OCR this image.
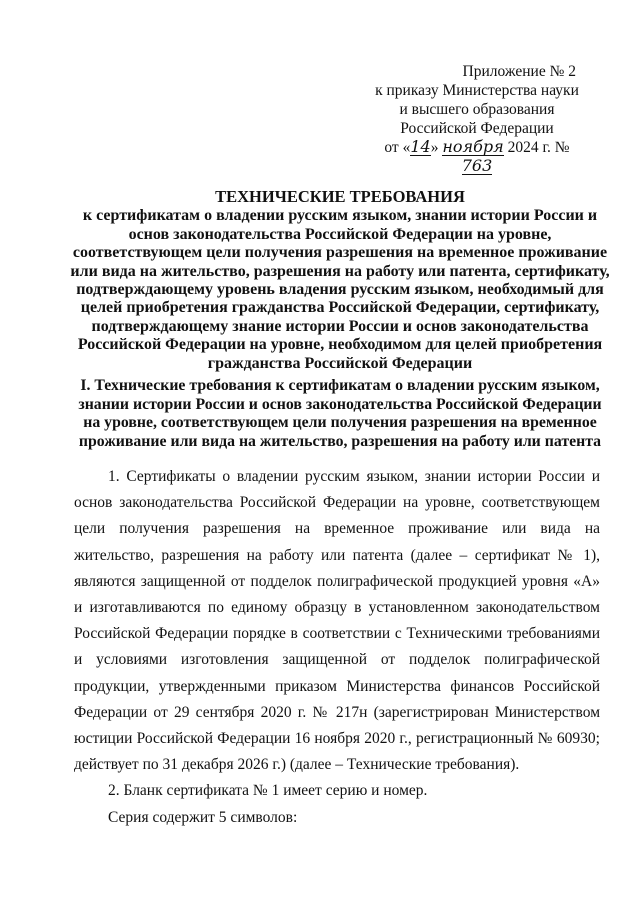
Приложение № 2
к приказу Министерства науки
и высшего образования
Российской Федерации
от «14» ноября 2024 г. № 763
ТЕХНИЧЕСКИЕ ТРЕБОВАНИЯ
к сертификатам о владении русским языком, знании истории России и основ законодательства Российской Федерации на уровне, соответствующем цели получения разрешения на временное проживание или вида на жительство, разрешения на работу или патента, сертификату, подтверждающему уровень владения русским языком, необходимый для целей приобретения гражданства Российской Федерации, сертификату, подтверждающему знание истории России и основ законодательства Российской Федерации на уровне, необходимом для целей приобретения гражданства Российской Федерации
I. Технические требования к сертификатам о владении русским языком, знании истории России и основ законодательства Российской Федерации на уровне, соответствующем цели получения разрешения на временное проживание или вида на жительство, разрешения на работу или патента

1. Сертификаты о владении русским языком, знании истории России и основ законодательства Российской Федерации на уровне, соответствующем цели получения разрешения на временное проживание или вида на жительство, разрешения на работу или патента (далее – сертификат № 1), являются защищенной от подделок полиграфической продукцией уровня «А» и изготавливаются по единому образцу в установленном законодательством Российской Федерации порядке в соответствии с Техническими требованиями и условиями изготовления защищенной от подделок полиграфической продукции, утвержденными приказом Министерства финансов Российской Федерации от 29 сентября 2020 г. № 217н (зарегистрирован Министерством юстиции Российской Федерации 16 ноября 2020 г., регистрационный № 60930; действует по 31 декабря 2026 г.) (далее – Технические требования).

2. Бланк сертификата № 1 имеет серию и номер.

Серия содержит 5 символов:
